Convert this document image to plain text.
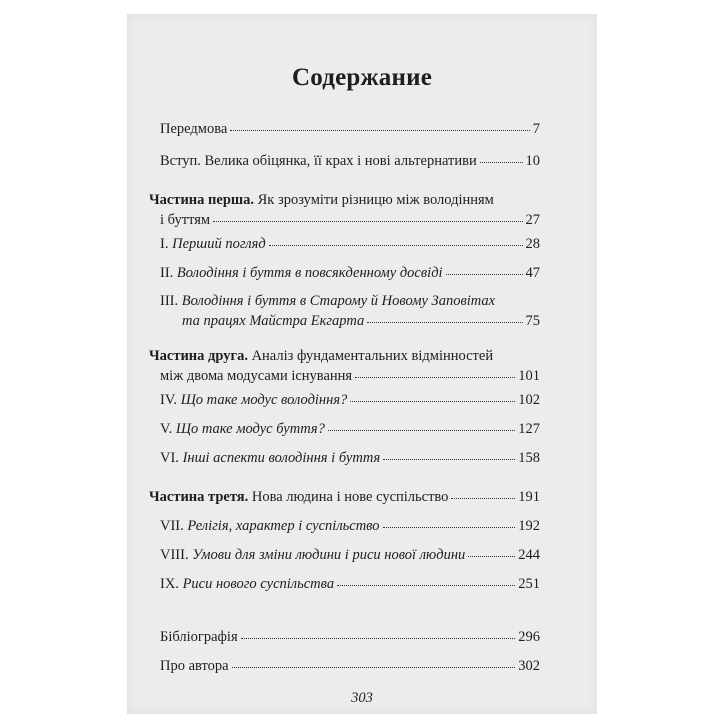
Содержание
Передмова	7
Вступ. Велика обіцянка, її крах і нові альтернативи	10
Частина перша. Як зрозуміти різницю між володінням
і буттям	27
I. Перший погляд	28
II. Володіння і буття в повсякденному досвіді	47
III. Володіння і буття в Старому й Новому Заповітах
та працях Майстра Екгарта	75
Частина друга. Аналіз фундаментальних відмінностей
між двома модусами існування	101
IV. Що таке модус володіння?	102
V. Що таке модус буття?	127
VI. Інші аспекти володіння і буття	158
Частина третя. Нова людина і нове суспільство	191
VII. Релігія, характер і суспільство	192
VIII. Умови для зміни людини і риси нової людини	244
IX. Риси нового суспільства	251
Бібліографія	296
Про автора	302
303
